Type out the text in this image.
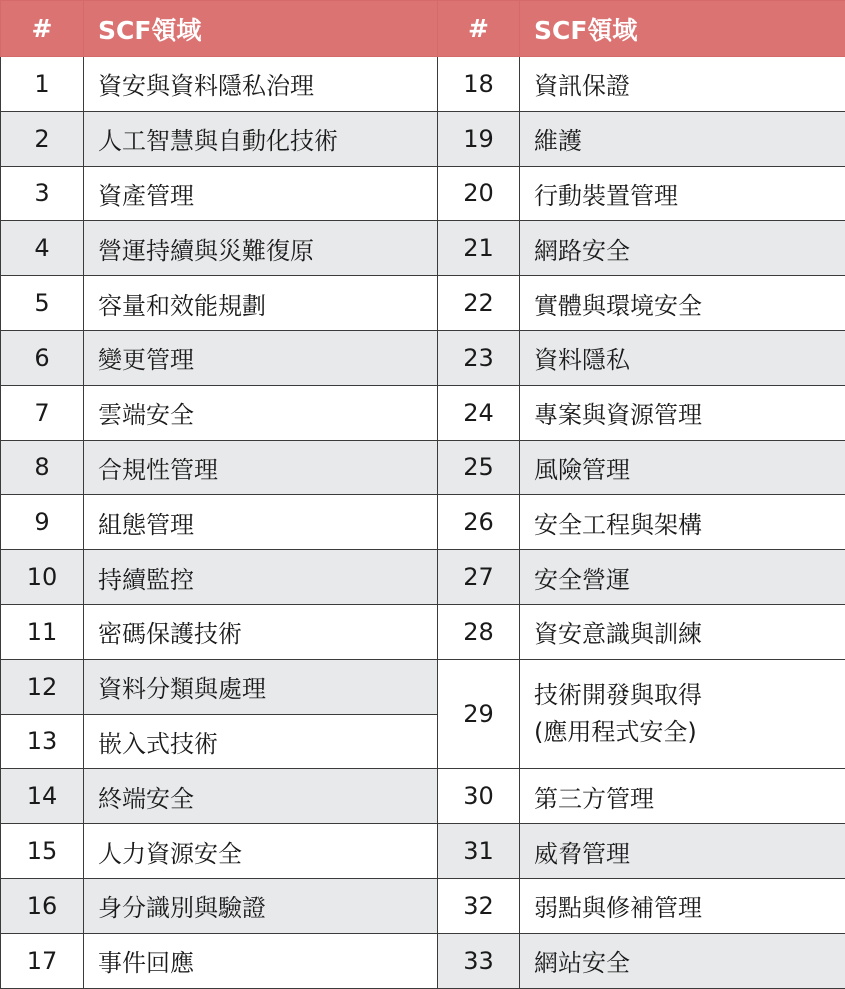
#	SCF領域	#	SCF領域
1	資安與資料隱私治理	18	資訊保證
2	人工智慧與自動化技術	19	維護
3	資產管理	20	行動裝置管理
4	營運持續與災難復原	21	網路安全
5	容量和效能規劃	22	實體與環境安全
6	變更管理	23	資料隱私
7	雲端安全	24	專案與資源管理
8	合規性管理	25	風險管理
9	組態管理	26	安全工程與架構
10	持續監控	27	安全營運
11	密碼保護技術	28	資安意識與訓練
12	資料分類與處理	29	技術開發與取得
(應用程式安全)

13	嵌入式技術		
14	終端安全	30	第三方管理
15	人力資源安全	31	威脅管理
16	身分識別與驗證	32	弱點與修補管理
17	事件回應	33	網站安全
